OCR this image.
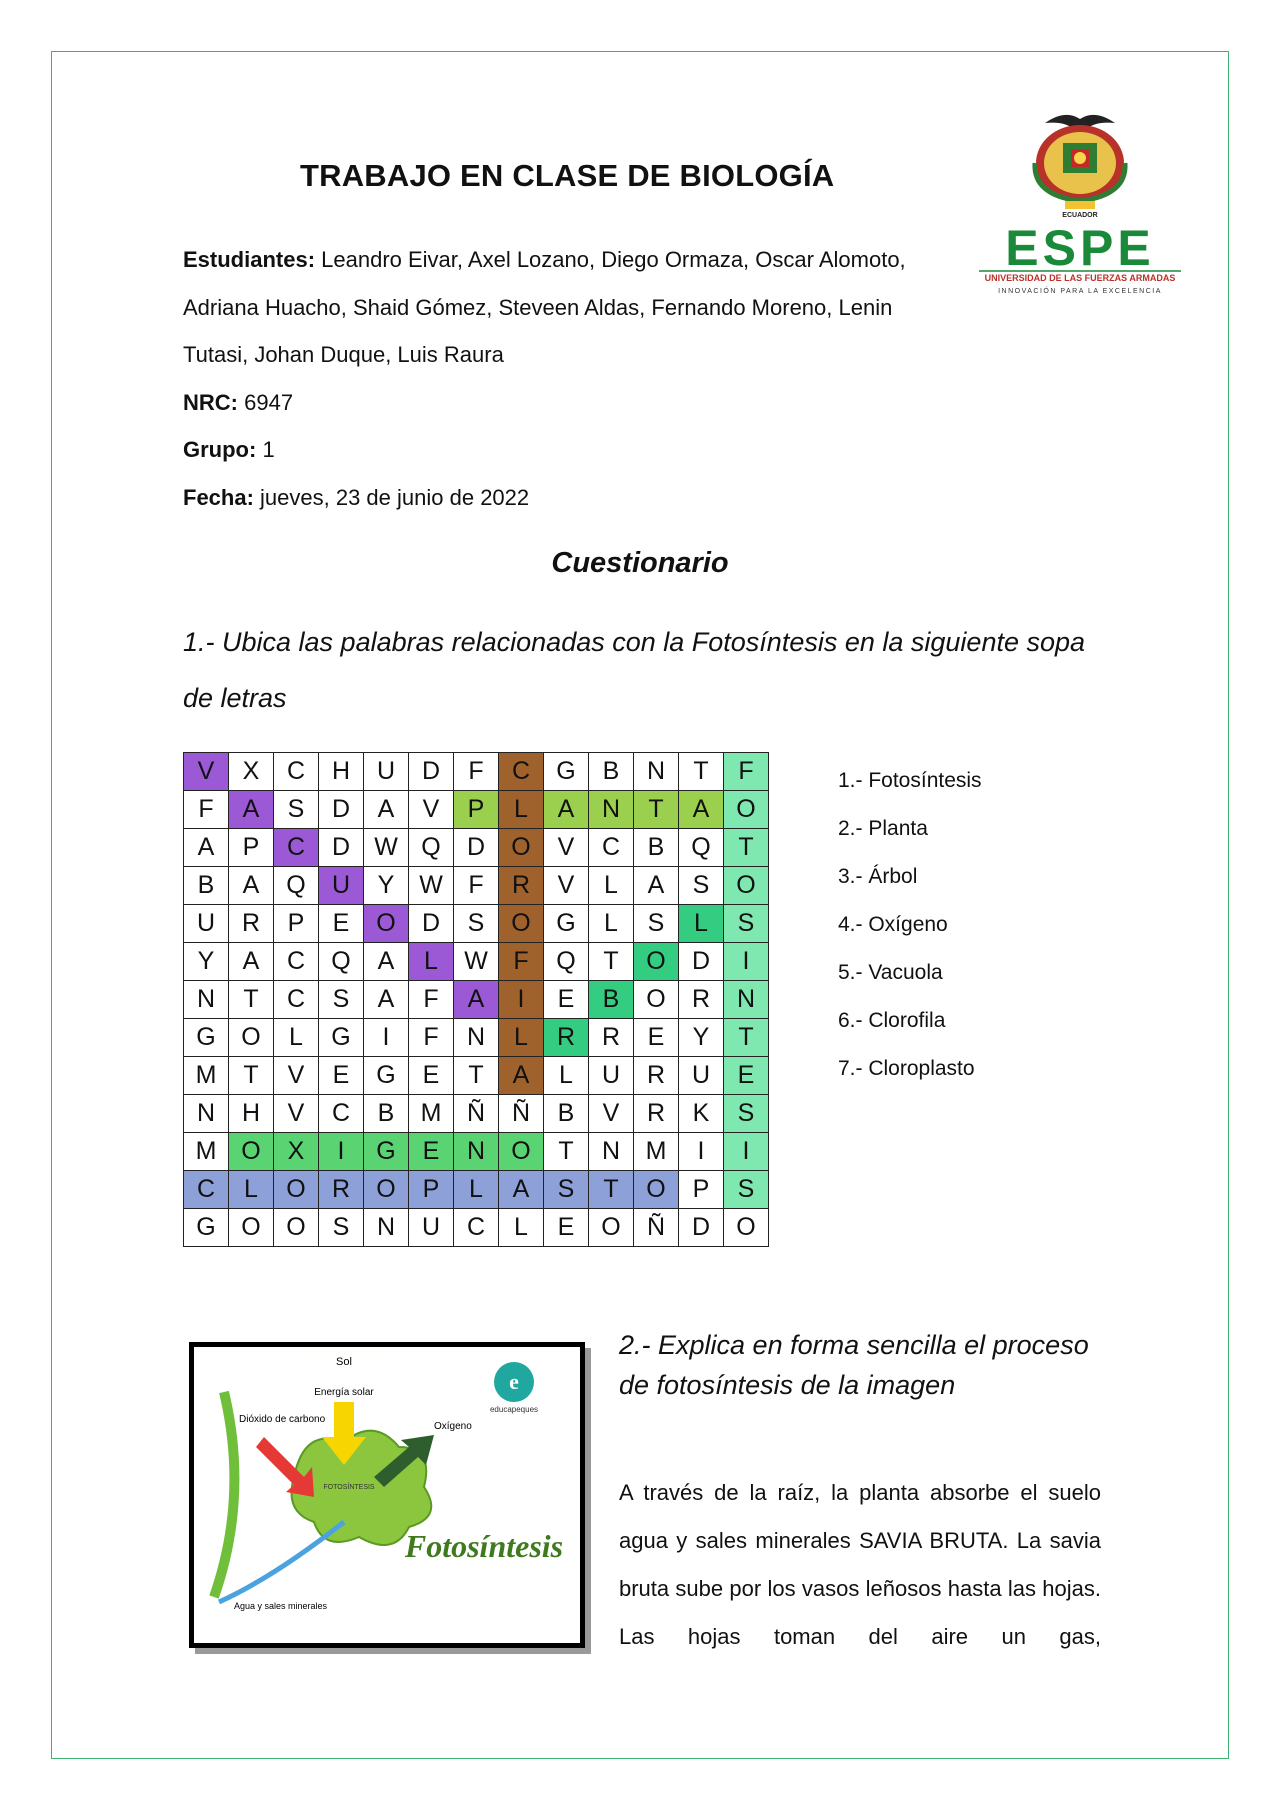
TRABAJO EN CLASE DE BIOLOGÍA

Estudiantes: Leandro Eivar, Axel Lozano, Diego Ormaza, Oscar Alomoto, Adriana Huacho, Shaid Gómez, Steveen Aldas, Fernando Moreno, Lenin Tutasi, Johan Duque, Luis Raura

NRC: 6947

Grupo: 1

Fecha: jueves, 23 de junio de 2022

ECUADOR
ESPE
UNIVERSIDAD DE LAS FUERZAS ARMADAS
INNOVACIÓN PARA LA EXCELENCIA
Cuestionario
1.- Ubica las palabras relacionadas con la Fotosíntesis en la siguiente sopa de letras
V	X	C	H	U	D	F	C	G	B	N	T	F
F	A	S	D	A	V	P	L	A	N	T	A	O
A	P	C	D	W	Q	D	O	V	C	B	Q	T
B	A	Q	U	Y	W	F	R	V	L	A	S	O
U	R	P	E	O	D	S	O	G	L	S	L	S
Y	A	C	Q	A	L	W	F	Q	T	O	D	I
N	T	C	S	A	F	A	I	E	B	O	R	N
G	O	L	G	I	F	N	L	R	R	E	Y	T
M	T	V	E	G	E	T	A	L	U	R	U	E
N	H	V	C	B	M	Ñ	Ñ	B	V	R	K	S
M	O	X	I	G	E	N	O	T	N	M	I	I
C	L	O	R	O	P	L	A	S	T	O	P	S
G	O	O	S	N	U	C	L	E	O	Ñ	D	O
1.- Fotosíntesis
2.- Planta
3.- Árbol
4.- Oxígeno
5.- Vacuola
6.- Clorofila
7.- Cloroplasto
Sol
Energía solar
Dióxido de carbono
Oxígeno
FOTOSÍNTESIS
Agua y sales minerales
e
educapeques
Fotosíntesis
2.- Explica en forma sencilla el proceso de fotosíntesis de la imagen
A través de la raíz, la planta absorbe el suelo agua y sales minerales SAVIA BRUTA. La savia bruta sube por los vasos leñosos hasta las hojas. Las hojas toman del aire un gas,
